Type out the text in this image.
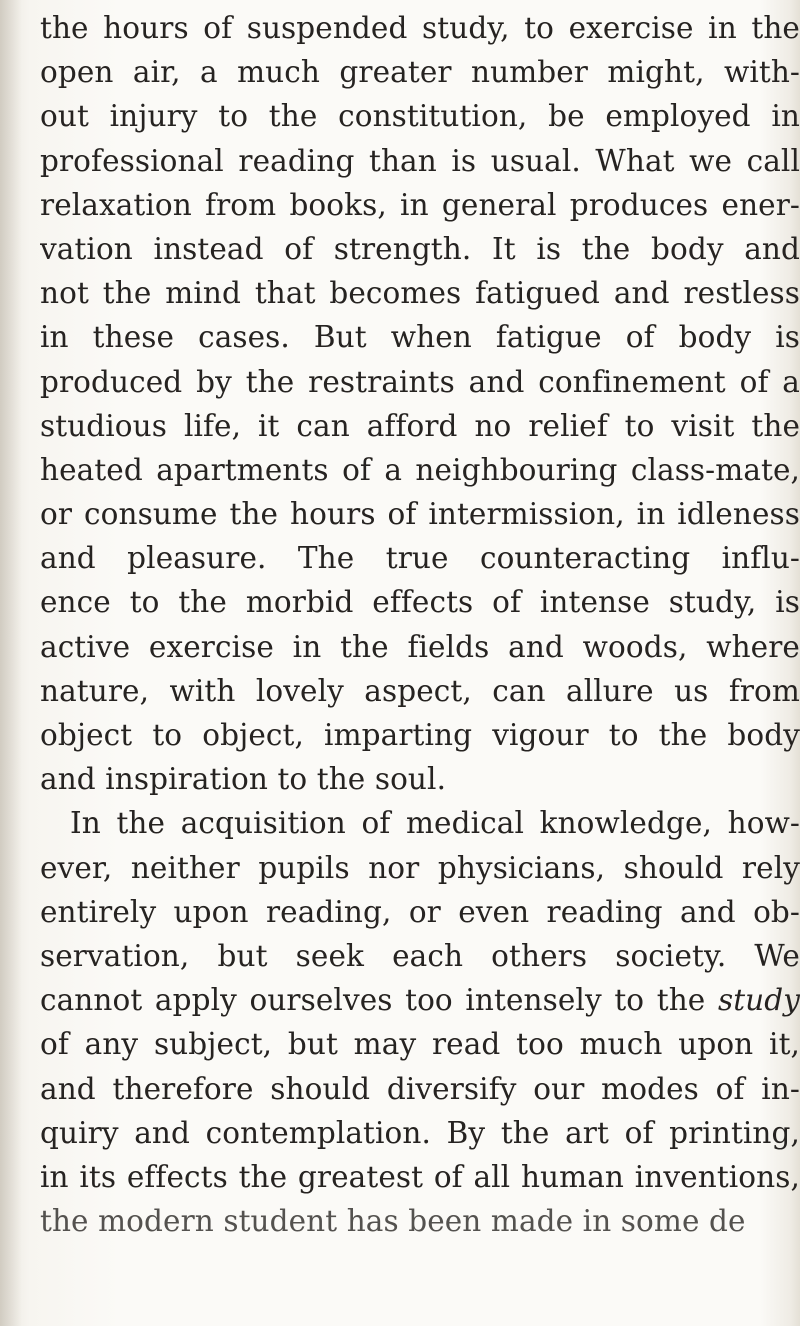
the hours of suspended study, to exercise in the
open air, a much greater number might, with-
out injury to the constitution, be employed in
professional reading than is usual. What we call
relaxation from books, in general produces ener-
vation instead of strength. It is the body and
not the mind that becomes fatigued and restless
in these cases. But when fatigue of body is
produced by the restraints and confinement of a
studious life, it can afford no relief to visit the
heated apartments of a neighbouring class-mate,
or consume the hours of intermission, in idleness
and pleasure. The true counteracting influ-
ence to the morbid effects of intense study, is
active exercise in the fields and woods, where
nature, with lovely aspect, can allure us from
object to object, imparting vigour to the body
and inspiration to the soul.
In the acquisition of medical knowledge, how-
ever, neither pupils nor physicians, should rely
entirely upon reading, or even reading and ob-
servation, but seek each others society. We
cannot apply ourselves too intensely to the study
of any subject, but may read too much upon it,
and therefore should diversify our modes of in-
quiry and contemplation. By the art of printing,
in its effects the greatest of all human inventions,
the modern student has been made in some de
